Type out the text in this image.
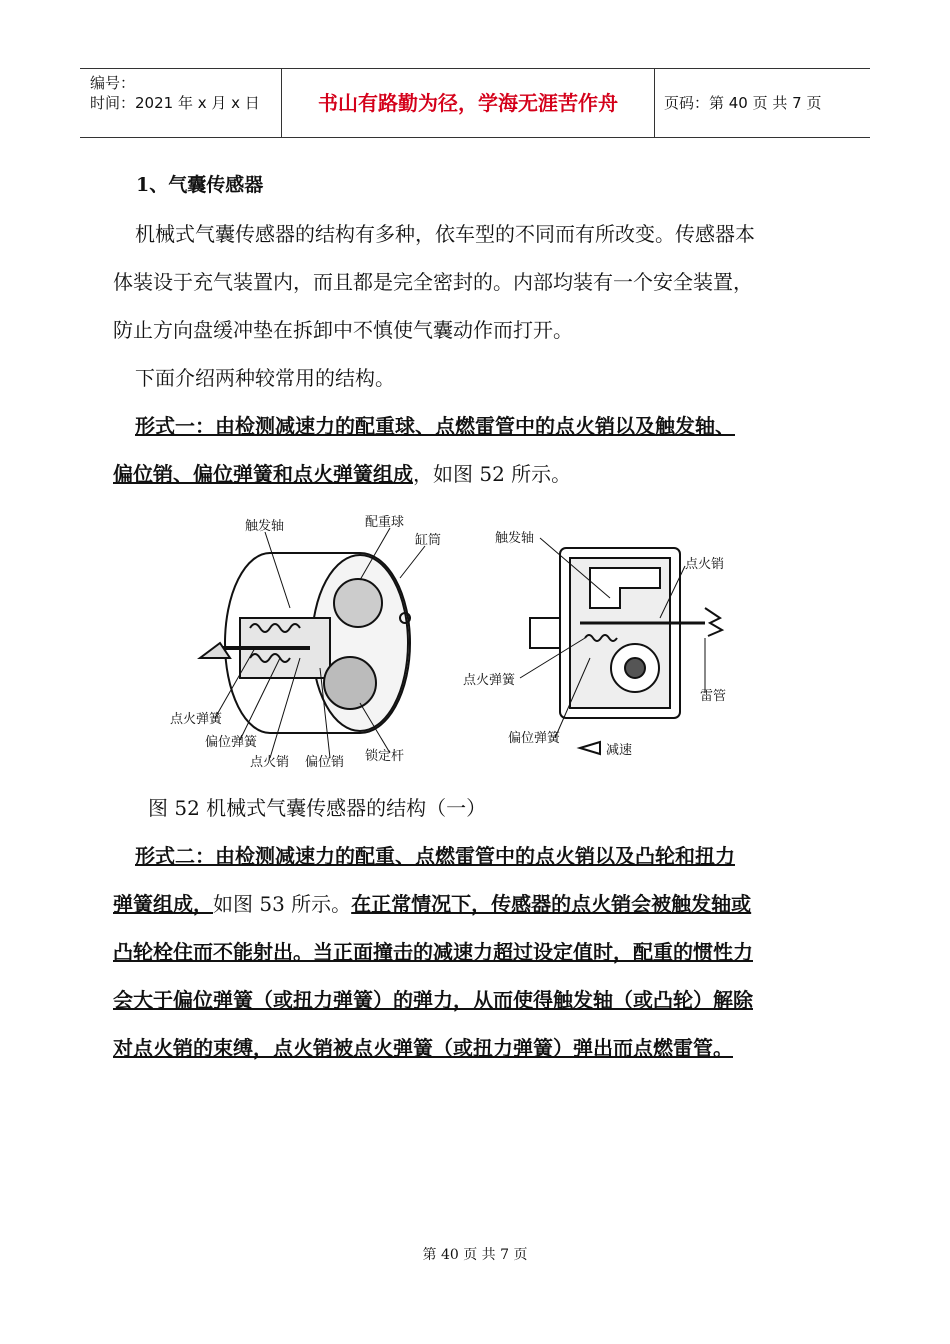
编号：
时间：2021 年 x 月 x 日	书山有路勤为径，学海无涯苦作舟	页码：第 40 页 共 7 页
1、气囊传感器
机械式气囊传感器的结构有多种，依车型的不同而有所改变。传感器本
体装设于充气装置内，而且都是完全密封的。内部均装有一个安全装置，
防止方向盘缓冲垫在拆卸中不慎使气囊动作而打开。
下面介绍两种较常用的结构。
形式一：由检测减速力的配重球、点燃雷管中的点火销以及触发轴、
偏位销、偏位弹簧和点火弹簧组成，如图 52 所示。
触发轴	配重球
缸筒
点火弹簧
偏位弹簧
点火销 偏位销 锁定杆
触发轴
点火销
点火弹簧
雷管
偏位弹簧
减速
图 52 机械式气囊传感器的结构（一）
形式二：由检测减速力的配重、点燃雷管中的点火销以及凸轮和扭力
弹簧组成，如图 53 所示。在正常情况下，传感器的点火销会被触发轴或
凸轮栓住而不能射出。当正面撞击的减速力超过设定值时，配重的惯性力
会大于偏位弹簧（或扭力弹簧）的弹力，从而使得触发轴（或凸轮）解除
对点火销的束缚，点火销被点火弹簧（或扭力弹簧）弹出而点燃雷管。
第 40 页 共 7 页
